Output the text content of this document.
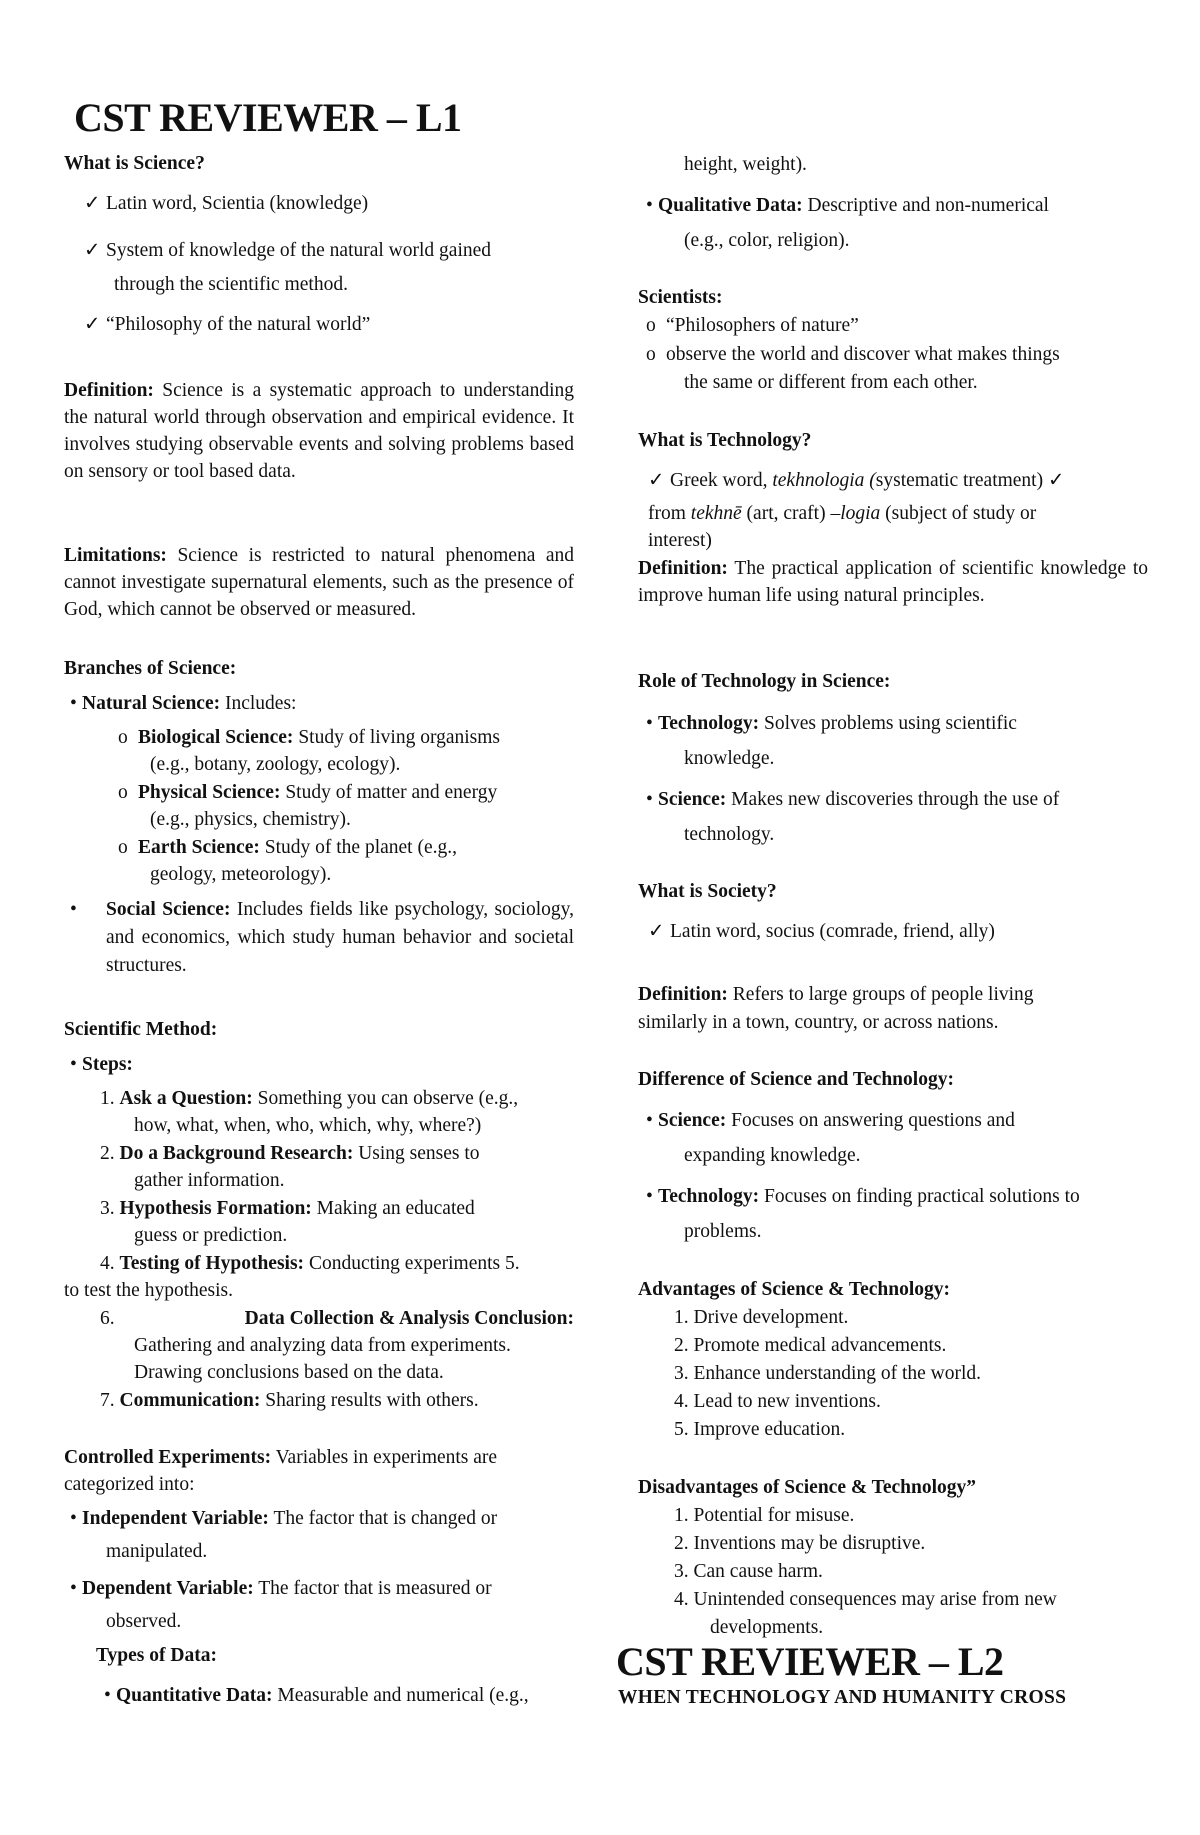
CST REVIEWER – L1
What is Science?
✓ Latin word, Scientia (knowledge)
✓ System of knowledge of the natural world gained
through the scientific method.
✓ “Philosophy of the natural world”
Definition: Science is a systematic approach to understanding the natural world through observation and empirical evidence. It involves studying observable events and solving problems based on sensory or tool based data.
Limitations: Science is restricted to natural phenomena and cannot investigate supernatural elements, such as the presence of God, which cannot be observed or measured.
Branches of Science:
• Natural Science: Includes:
o Biological Science: Study of living organisms
(e.g., botany, zoology, ecology).
o Physical Science: Study of matter and energy
(e.g., physics, chemistry).
o Earth Science: Study of the planet (e.g.,
geology, meteorology).
• Social Science: Includes fields like psychology, sociology, and economics, which study human behavior and societal structures.
Scientific Method:
• Steps:
1. Ask a Question: Something you can observe (e.g.,
how, what, when, who, which, why, where?)
2. Do a Background Research: Using senses to
gather information.
3. Hypothesis Formation: Making an educated
guess or prediction.
4. Testing of Hypothesis: Conducting experiments 5.
to test the hypothesis.
6.	Data Collection & Analysis Conclusion:
Gathering and analyzing data from experiments.
Drawing conclusions based on the data.
7. Communication: Sharing results with others.
Controlled Experiments: Variables in experiments are
categorized into:
• Independent Variable: The factor that is changed or
manipulated.
• Dependent Variable: The factor that is measured or
observed.
Types of Data:
• Quantitative Data: Measurable and numerical (e.g.,
height, weight).
• Qualitative Data: Descriptive and non-numerical
(e.g., color, religion).
Scientists:
o “Philosophers of nature”
o observe the world and discover what makes things
the same or different from each other.
What is Technology?
✓ Greek word, tekhnologia (systematic treatment) ✓
from tekhnē (art, craft) –logia (subject of study or
interest)
Definition: The practical application of scientific knowledge to improve human life using natural principles.
Role of Technology in Science:
• Technology: Solves problems using scientific
knowledge.
• Science: Makes new discoveries through the use of
technology.
What is Society?
✓ Latin word, socius (comrade, friend, ally)
Definition: Refers to large groups of people living
similarly in a town, country, or across nations.
Difference of Science and Technology:
• Science: Focuses on answering questions and
expanding knowledge.
• Technology: Focuses on finding practical solutions to
problems.
Advantages of Science & Technology:
1. Drive development.
2. Promote medical advancements.
3. Enhance understanding of the world.
4. Lead to new inventions.
5. Improve education.
Disadvantages of Science & Technology”
1. Potential for misuse.
2. Inventions may be disruptive.
3. Can cause harm.
4. Unintended consequences may arise from new
developments.
CST REVIEWER – L2
WHEN TECHNOLOGY AND HUMANITY CROSS
